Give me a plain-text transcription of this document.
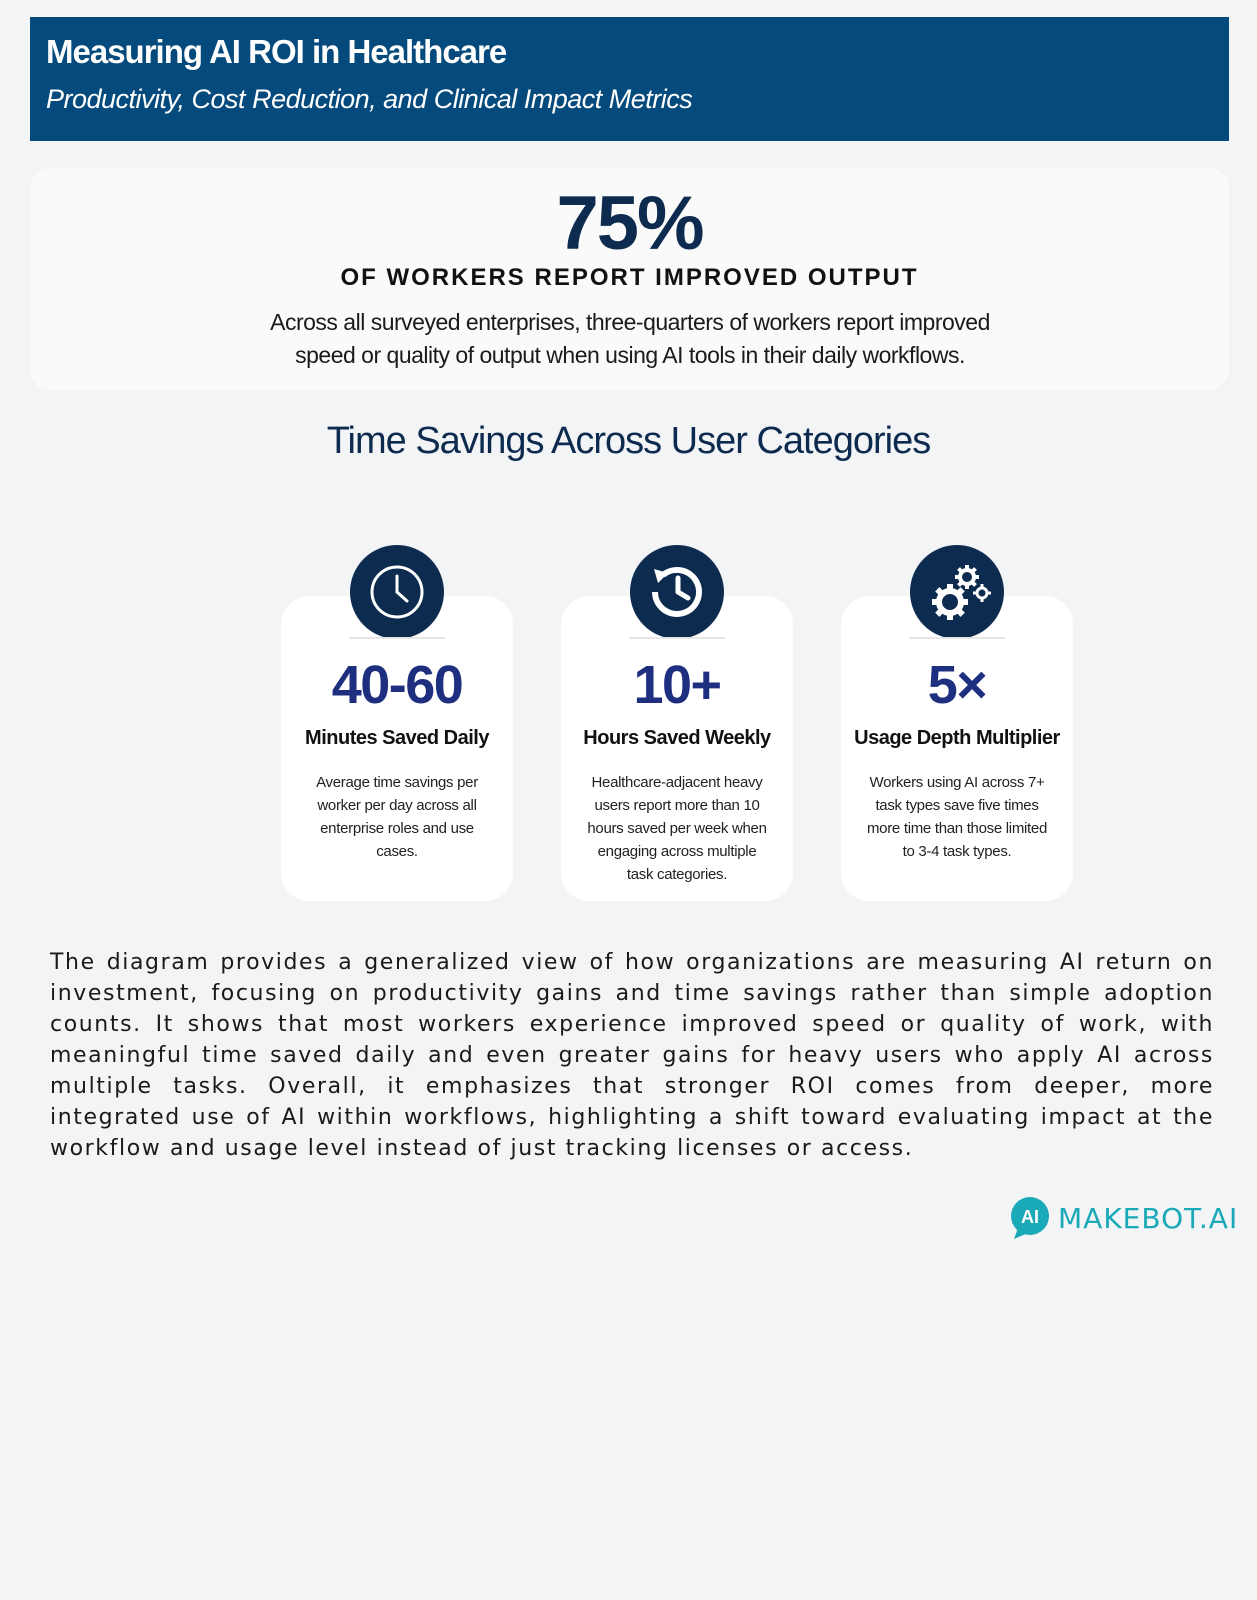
Measuring AI ROI in Healthcare
Productivity, Cost Reduction, and Clinical Impact Metrics
75%
OF WORKERS REPORT IMPROVED OUTPUT
Across all surveyed enterprises, three-quarters of workers report improved speed or quality of output when using AI tools in their daily workflows.
Time Savings Across User Categories
40-60
Minutes Saved Daily
Average time savings per worker per day across all enterprise roles and use cases.
10+
Hours Saved Weekly
Healthcare-adjacent heavy users report more than 10 hours saved per week when engaging across multiple task categories.
5×
Usage Depth Multiplier
Workers using AI across 7+ task types save five times more time than those limited to 3-4 task types.
The diagram provides a generalized view of how organizations are measuring AI return on investment, focusing on productivity gains and time savings rather than simple adoption counts. It shows that most workers experience improved speed or quality of work, with meaningful time saved daily and even greater gains for heavy users who apply AI across multiple tasks. Overall, it emphasizes that stronger ROI comes from deeper, more integrated use of AI within workflows, highlighting a shift toward evaluating impact at the workflow and usage level instead of just tracking licenses or access.
AI MAKEBOT.AI
